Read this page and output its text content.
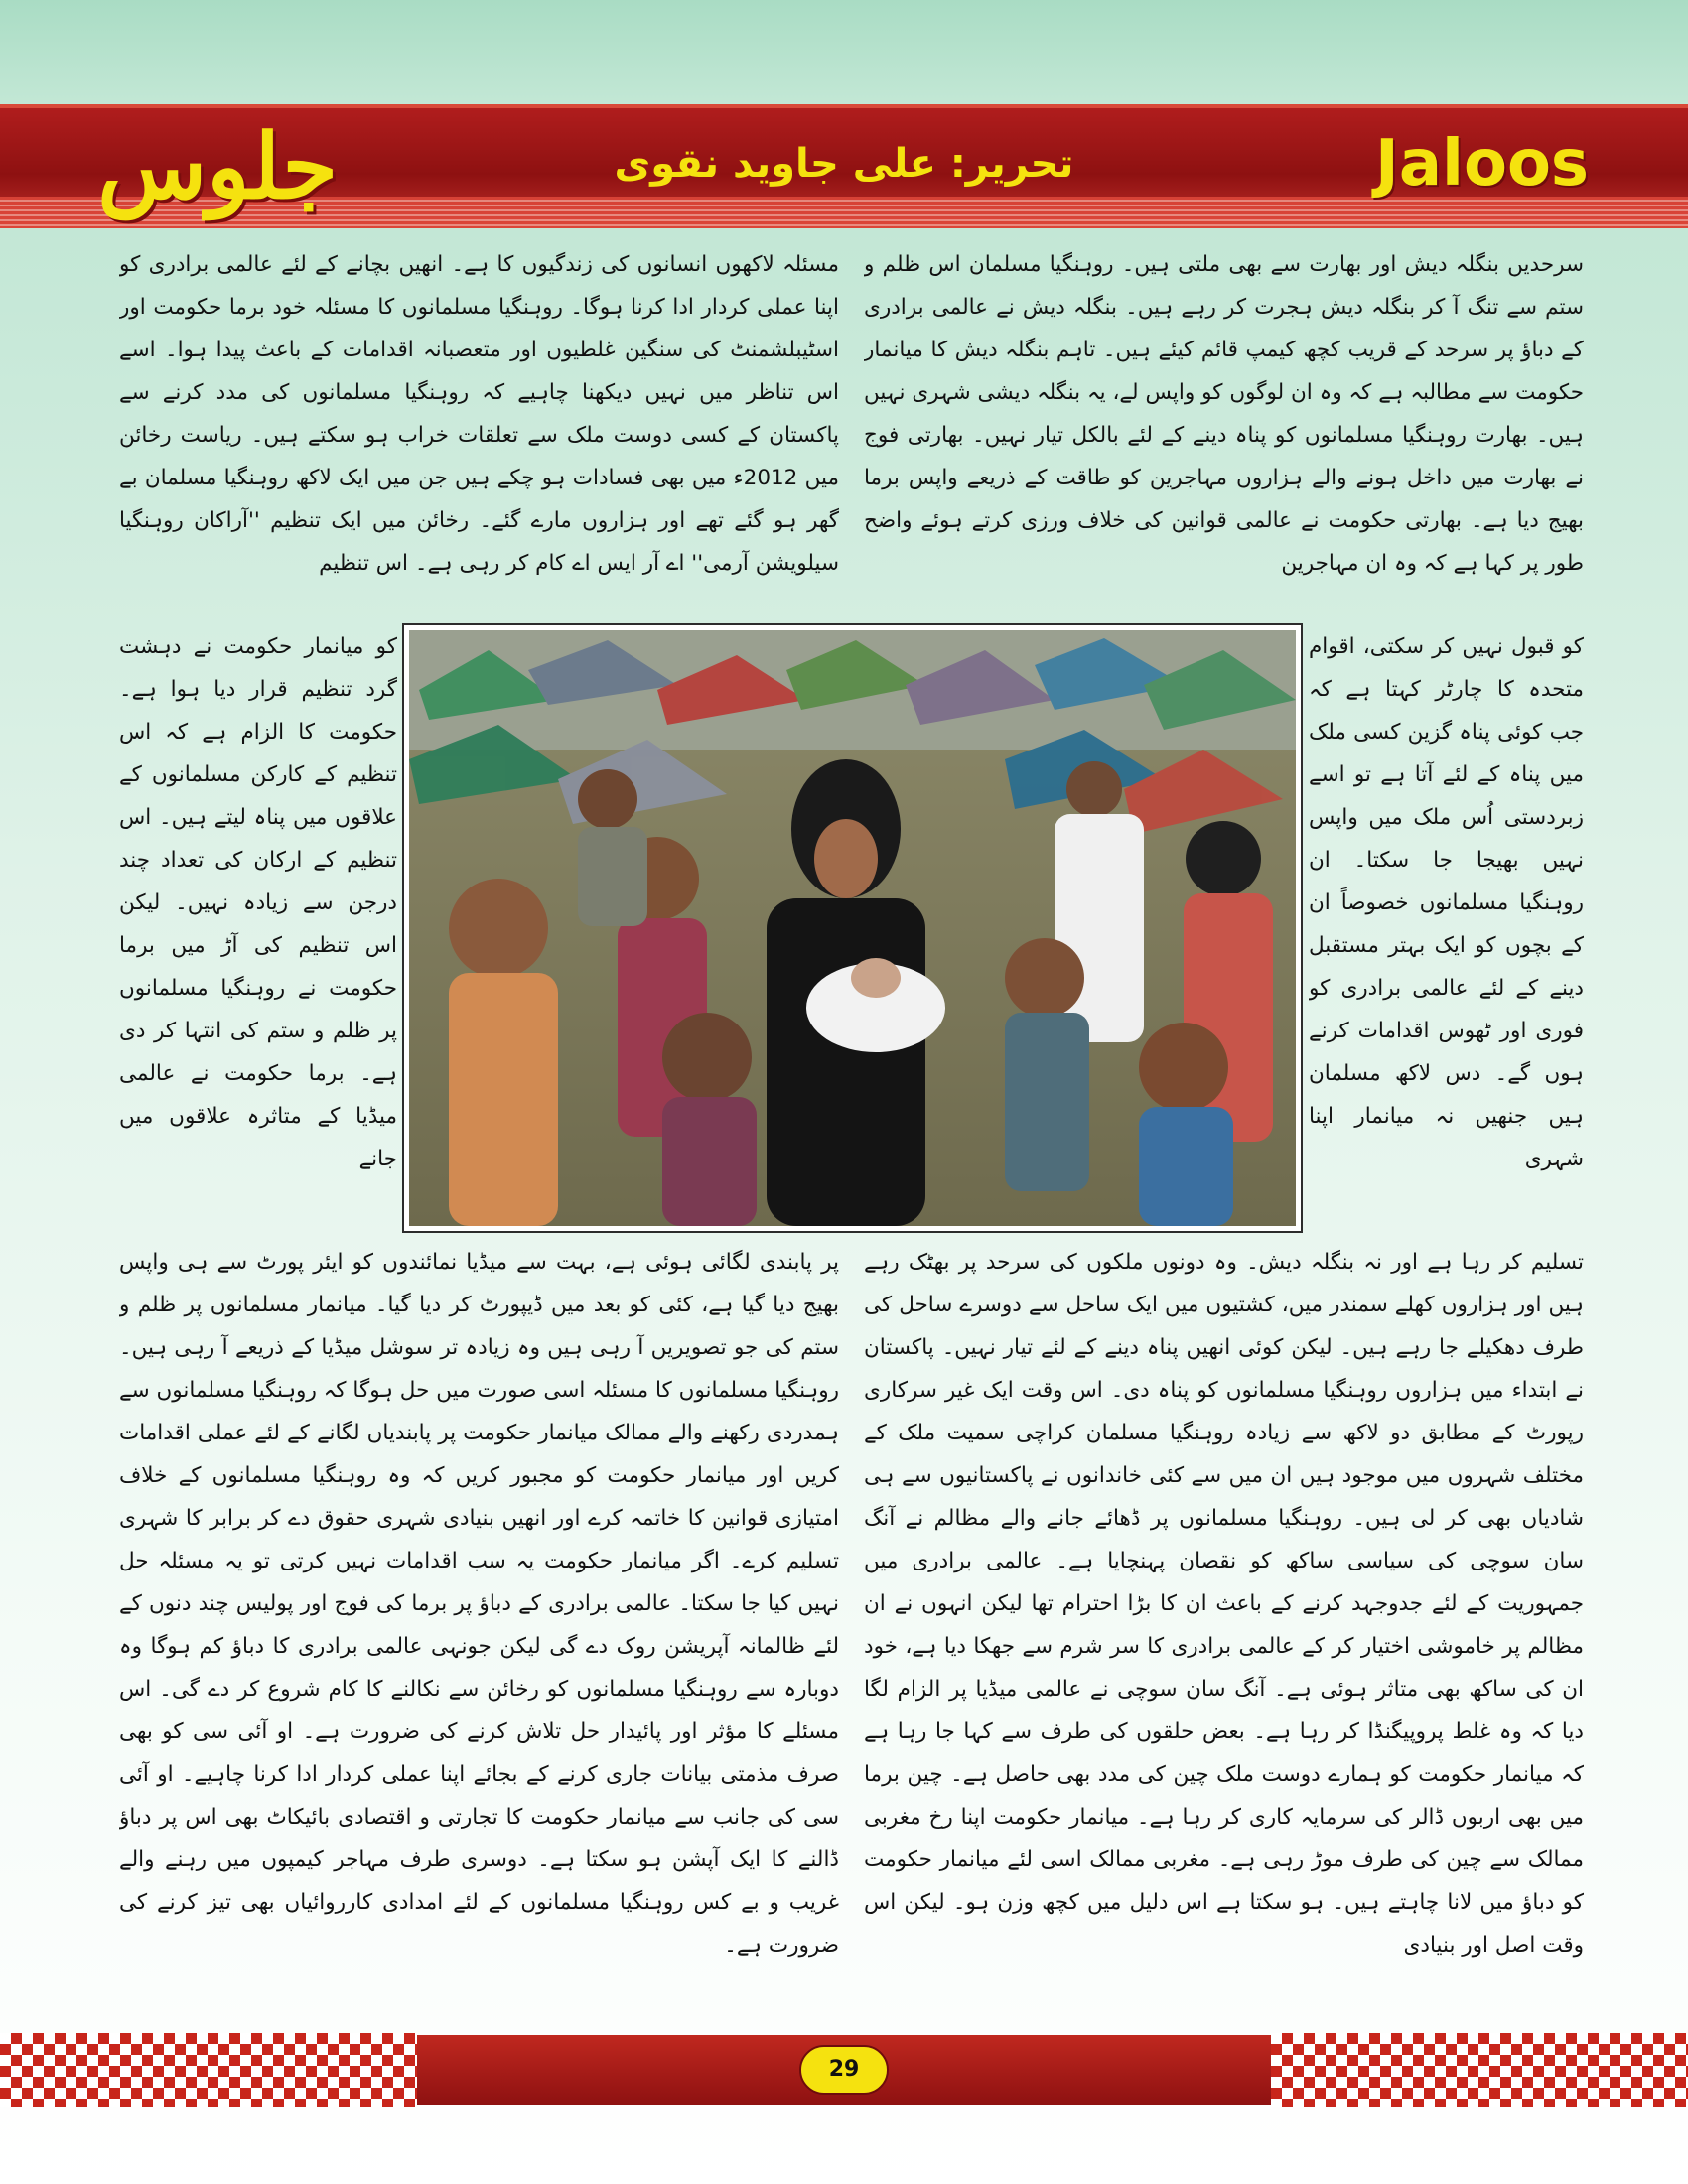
جلوس	تحریر: علی جاوید نقوی	Jaloos

سرحدیں بنگلہ دیش اور بھارت سے بھی ملتی ہیں۔ روہنگیا مسلمان اس ظلم و ستم سے تنگ آ کر بنگلہ دیش ہجرت کر رہے ہیں۔ بنگلہ دیش نے عالمی برادری کے دباؤ پر سرحد کے قریب کچھ کیمپ قائم کیئے ہیں۔ تاہم بنگلہ دیش کا میانمار حکومت سے مطالبہ ہے کہ وہ ان لوگوں کو واپس لے، یہ بنگلہ دیشی شہری نہیں ہیں۔ بھارت روہنگیا مسلمانوں کو پناہ دینے کے لئے بالکل تیار نہیں۔ بھارتی فوج نے بھارت میں داخل ہونے والے ہزاروں مہاجرین کو طاقت کے ذریعے واپس برما بھیج دیا ہے۔ بھارتی حکومت نے عالمی قوانین کی خلاف ورزی کرتے ہوئے واضح طور پر کہا ہے کہ وہ ان مہاجرین

مسئلہ لاکھوں انسانوں کی زندگیوں کا ہے۔ انھیں بچانے کے لئے عالمی برادری کو اپنا عملی کردار ادا کرنا ہوگا۔ روہنگیا مسلمانوں کا مسئلہ خود برما حکومت اور اسٹیبلشمنٹ کی سنگین غلطیوں اور متعصبانہ اقدامات کے باعث پیدا ہوا۔ اسے اس تناظر میں نہیں دیکھنا چاہیے کہ روہنگیا مسلمانوں کی مدد کرنے سے پاکستان کے کسی دوست ملک سے تعلقات خراب ہو سکتے ہیں۔ ریاست رخائن میں 2012ء میں بھی فسادات ہو چکے ہیں جن میں ایک لاکھ روہنگیا مسلمان بے گھر ہو گئے تھے اور ہزاروں مارے گئے۔ رخائن میں ایک تنظیم ''آراکان روہنگیا سیلویشن آرمی'' اے آر ایس اے کام کر رہی ہے۔ اس تنظیم

کو قبول نہیں کر سکتی، اقوام متحدہ کا چارٹر کہتا ہے کہ جب کوئی پناہ گزین کسی ملک میں پناہ کے لئے آتا ہے تو اسے زبردستی اُس ملک میں واپس نہیں بھیجا جا سکتا۔ ان روہنگیا مسلمانوں خصوصاً ان کے بچوں کو ایک بہتر مستقبل دینے کے لئے عالمی برادری کو فوری اور ٹھوس اقدامات کرنے ہوں گے۔ دس لاکھ مسلمان ہیں جنھیں نہ میانمار اپنا شہری

کو میانمار حکومت نے دہشت گرد تنظیم قرار دیا ہوا ہے۔ حکومت کا الزام ہے کہ اس تنظیم کے کارکن مسلمانوں کے علاقوں میں پناہ لیتے ہیں۔ اس تنظیم کے ارکان کی تعداد چند درجن سے زیادہ نہیں۔ لیکن اس تنظیم کی آڑ میں برما حکومت نے روہنگیا مسلمانوں پر ظلم و ستم کی انتہا کر دی ہے۔ برما حکومت نے عالمی میڈیا کے متاثرہ علاقوں میں جانے

تسلیم کر رہا ہے اور نہ بنگلہ دیش۔ وہ دونوں ملکوں کی سرحد پر بھٹک رہے ہیں اور ہزاروں کھلے سمندر میں، کشتیوں میں ایک ساحل سے دوسرے ساحل کی طرف دھکیلے جا رہے ہیں۔ لیکن کوئی انھیں پناہ دینے کے لئے تیار نہیں۔ پاکستان نے ابتداء میں ہزاروں روہنگیا مسلمانوں کو پناہ دی۔ اس وقت ایک غیر سرکاری رپورٹ کے مطابق دو لاکھ سے زیادہ روہنگیا مسلمان کراچی سمیت ملک کے مختلف شہروں میں موجود ہیں ان میں سے کئی خاندانوں نے پاکستانیوں سے ہی شادیاں بھی کر لی ہیں۔ روہنگیا مسلمانوں پر ڈھائے جانے والے مظالم نے آنگ سان سوچی کی سیاسی ساکھ کو نقصان پہنچایا ہے۔ عالمی برادری میں جمہوریت کے لئے جدوجہد کرنے کے باعث ان کا بڑا احترام تھا لیکن انہوں نے ان مظالم پر خاموشی اختیار کر کے عالمی برادری کا سر شرم سے جھکا دیا ہے، خود ان کی ساکھ بھی متاثر ہوئی ہے۔ آنگ سان سوچی نے عالمی میڈیا پر الزام لگا دیا کہ وہ غلط پروپیگنڈا کر رہا ہے۔ بعض حلقوں کی طرف سے کہا جا رہا ہے کہ میانمار حکومت کو ہمارے دوست ملک چین کی مدد بھی حاصل ہے۔ چین برما میں بھی اربوں ڈالر کی سرمایہ کاری کر رہا ہے۔ میانمار حکومت اپنا رخ مغربی ممالک سے چین کی طرف موڑ رہی ہے۔ مغربی ممالک اسی لئے میانمار حکومت کو دباؤ میں لانا چاہتے ہیں۔ ہو سکتا ہے اس دلیل میں کچھ وزن ہو۔ لیکن اس وقت اصل اور بنیادی

پر پابندی لگائی ہوئی ہے، بہت سے میڈیا نمائندوں کو ایئر پورٹ سے ہی واپس بھیج دیا گیا ہے، کئی کو بعد میں ڈیپورٹ کر دیا گیا۔ میانمار مسلمانوں پر ظلم و ستم کی جو تصویریں آ رہی ہیں وہ زیادہ تر سوشل میڈیا کے ذریعے آ رہی ہیں۔ روہنگیا مسلمانوں کا مسئلہ اسی صورت میں حل ہوگا کہ روہنگیا مسلمانوں سے ہمدردی رکھنے والے ممالک میانمار حکومت پر پابندیاں لگانے کے لئے عملی اقدامات کریں اور میانمار حکومت کو مجبور کریں کہ وہ روہنگیا مسلمانوں کے خلاف امتیازی قوانین کا خاتمہ کرے اور انھیں بنیادی شہری حقوق دے کر برابر کا شہری تسلیم کرے۔ اگر میانمار حکومت یہ سب اقدامات نہیں کرتی تو یہ مسئلہ حل نہیں کیا جا سکتا۔ عالمی برادری کے دباؤ پر برما کی فوج اور پولیس چند دنوں کے لئے ظالمانہ آپریشن روک دے گی لیکن جونہی عالمی برادری کا دباؤ کم ہوگا وہ دوبارہ سے روہنگیا مسلمانوں کو رخائن سے نکالنے کا کام شروع کر دے گی۔ اس مسئلے کا مؤثر اور پائیدار حل تلاش کرنے کی ضرورت ہے۔ او آئی سی کو بھی صرف مذمتی بیانات جاری کرنے کے بجائے اپنا عملی کردار ادا کرنا چاہیے۔ او آئی سی کی جانب سے میانمار حکومت کا تجارتی و اقتصادی بائیکاٹ بھی اس پر دباؤ ڈالنے کا ایک آپشن ہو سکتا ہے۔ دوسری طرف مہاجر کیمپوں میں رہنے والے غریب و بے کس روہنگیا مسلمانوں کے لئے امدادی کارروائیاں بھی تیز کرنے کی ضرورت ہے۔

29
